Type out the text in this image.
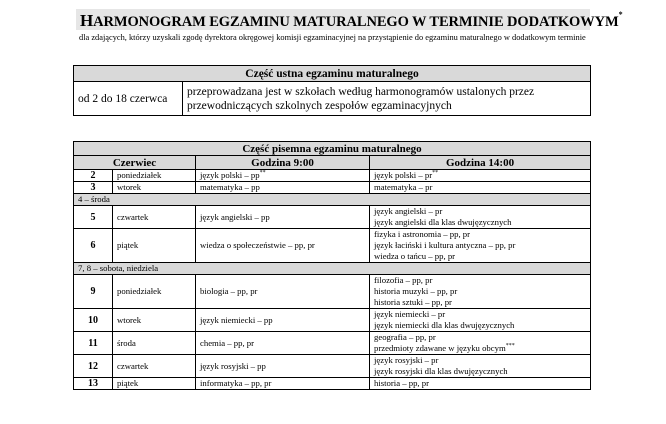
HARMONOGRAM EGZAMINU MATURALNEGO W TERMINIE DODATKOWYM*
dla zdających, którzy uzyskali zgodę dyrektora okręgowej komisji egzaminacyjnej na przystąpienie do egzaminu maturalnego w dodatkowym terminie
Część ustna egzaminu maturalnego
od 2 do 18 czerwca	przeprowadzana jest w szkołach według harmonogramów ustalonych przez przewodniczących szkolnych zespołów egzaminacyjnych
Część pisemna egzaminu maturalnego			
Czerwiec		Godzina 9:00	Godzina 14:00
2	poniedziałek	język polski – pp**	język polski – pr**

3	wtorek	matematyka – pp	matematyka – pr

4 – środa			
5	czwartek	język angielski – pp	język angielski – pr
język angielski dla klas dwujęzycznych

6	piątek	wiedza o społeczeństwie – pp, pr	fizyka i astronomia – pp, pr
język łaciński i kultura antyczna – pp, pr
wiedza o tańcu – pp, pr

7, 8 – sobota, niedziela			
9	poniedziałek	biologia – pp, pr	filozofia – pp, pr
historia muzyki – pp, pr
historia sztuki – pp, pr

10	wtorek	język niemiecki – pp	język niemiecki – pr
język niemiecki dla klas dwujęzycznych

11	środa	chemia – pp, pr	geografia – pp, pr
przedmioty zdawane w języku obcym***

12	czwartek	język rosyjski – pp	język rosyjski – pr
język rosyjski dla klas dwujęzycznych

13	piątek	informatyka – pp, pr	historia – pp, pr
